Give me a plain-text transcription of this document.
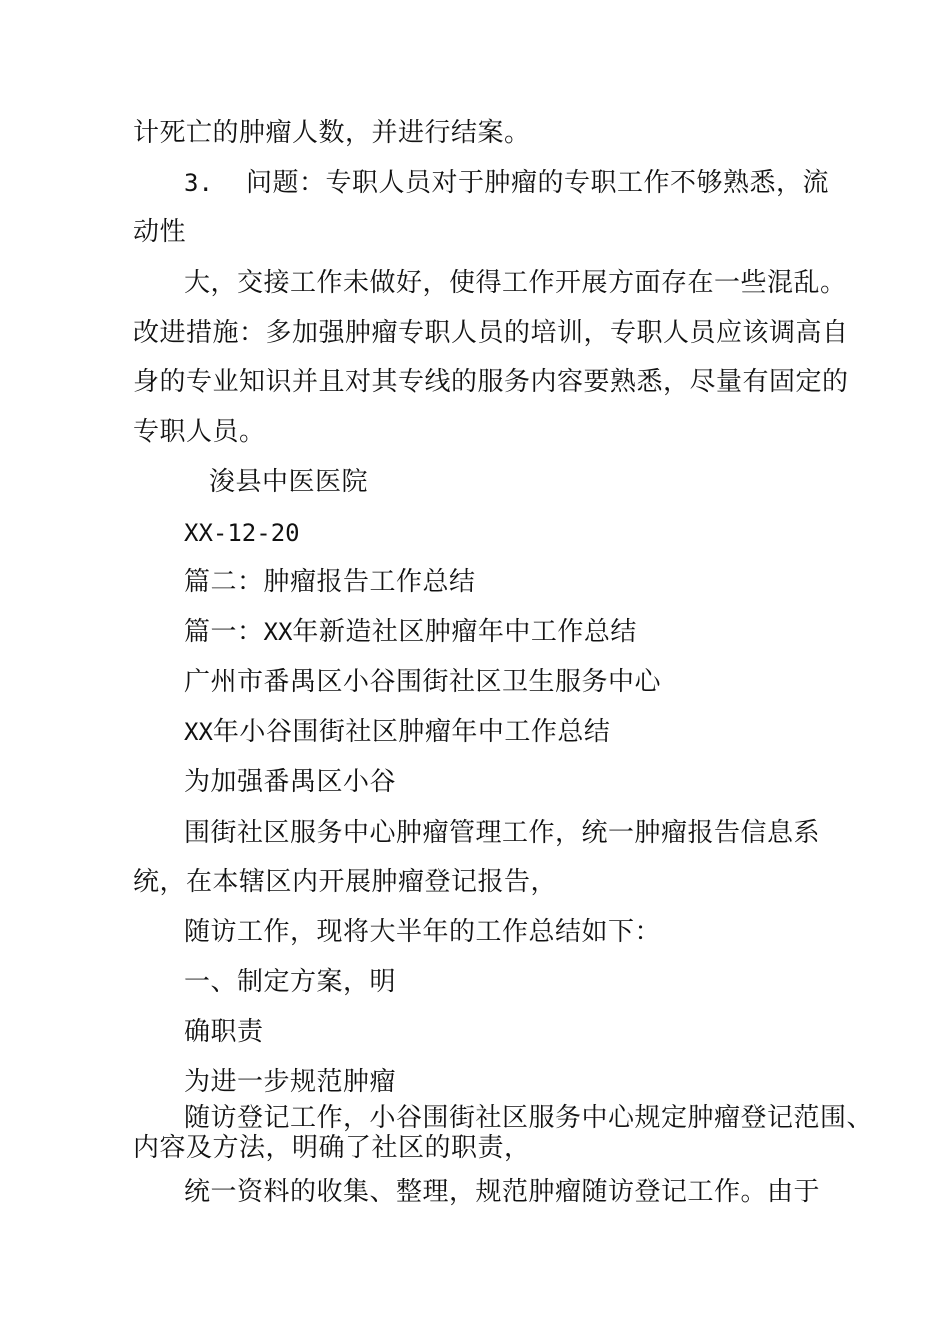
计死亡的肿瘤人数，并进行结案。
3. 问题：专职人员对于肿瘤的专职工作不够熟悉，流
动性
大，交接工作未做好，使得工作开展方面存在一些混乱。
改进措施：多加强肿瘤专职人员的培训，专职人员应该调高自
身的专业知识并且对其专线的服务内容要熟悉，尽量有固定的
专职人员。
浚县中医医院
XX-12-20
篇二：肿瘤报告工作总结
篇一：XX年新造社区肿瘤年中工作总结
广州市番禺区小谷围街社区卫生服务中心
XX年小谷围街社区肿瘤年中工作总结
为加强番禺区小谷
围街社区服务中心肿瘤管理工作，统一肿瘤报告信息系
统，在本辖区内开展肿瘤登记报告，
随访工作，现将大半年的工作总结如下：
一、制定方案，明
确职责
为进一步规范肿瘤
随访登记工作，小谷围街社区服务中心规定肿瘤登记范围、
内容及方法，明确了社区的职责，
统一资料的收集、整理，规范肿瘤随访登记工作。由于
